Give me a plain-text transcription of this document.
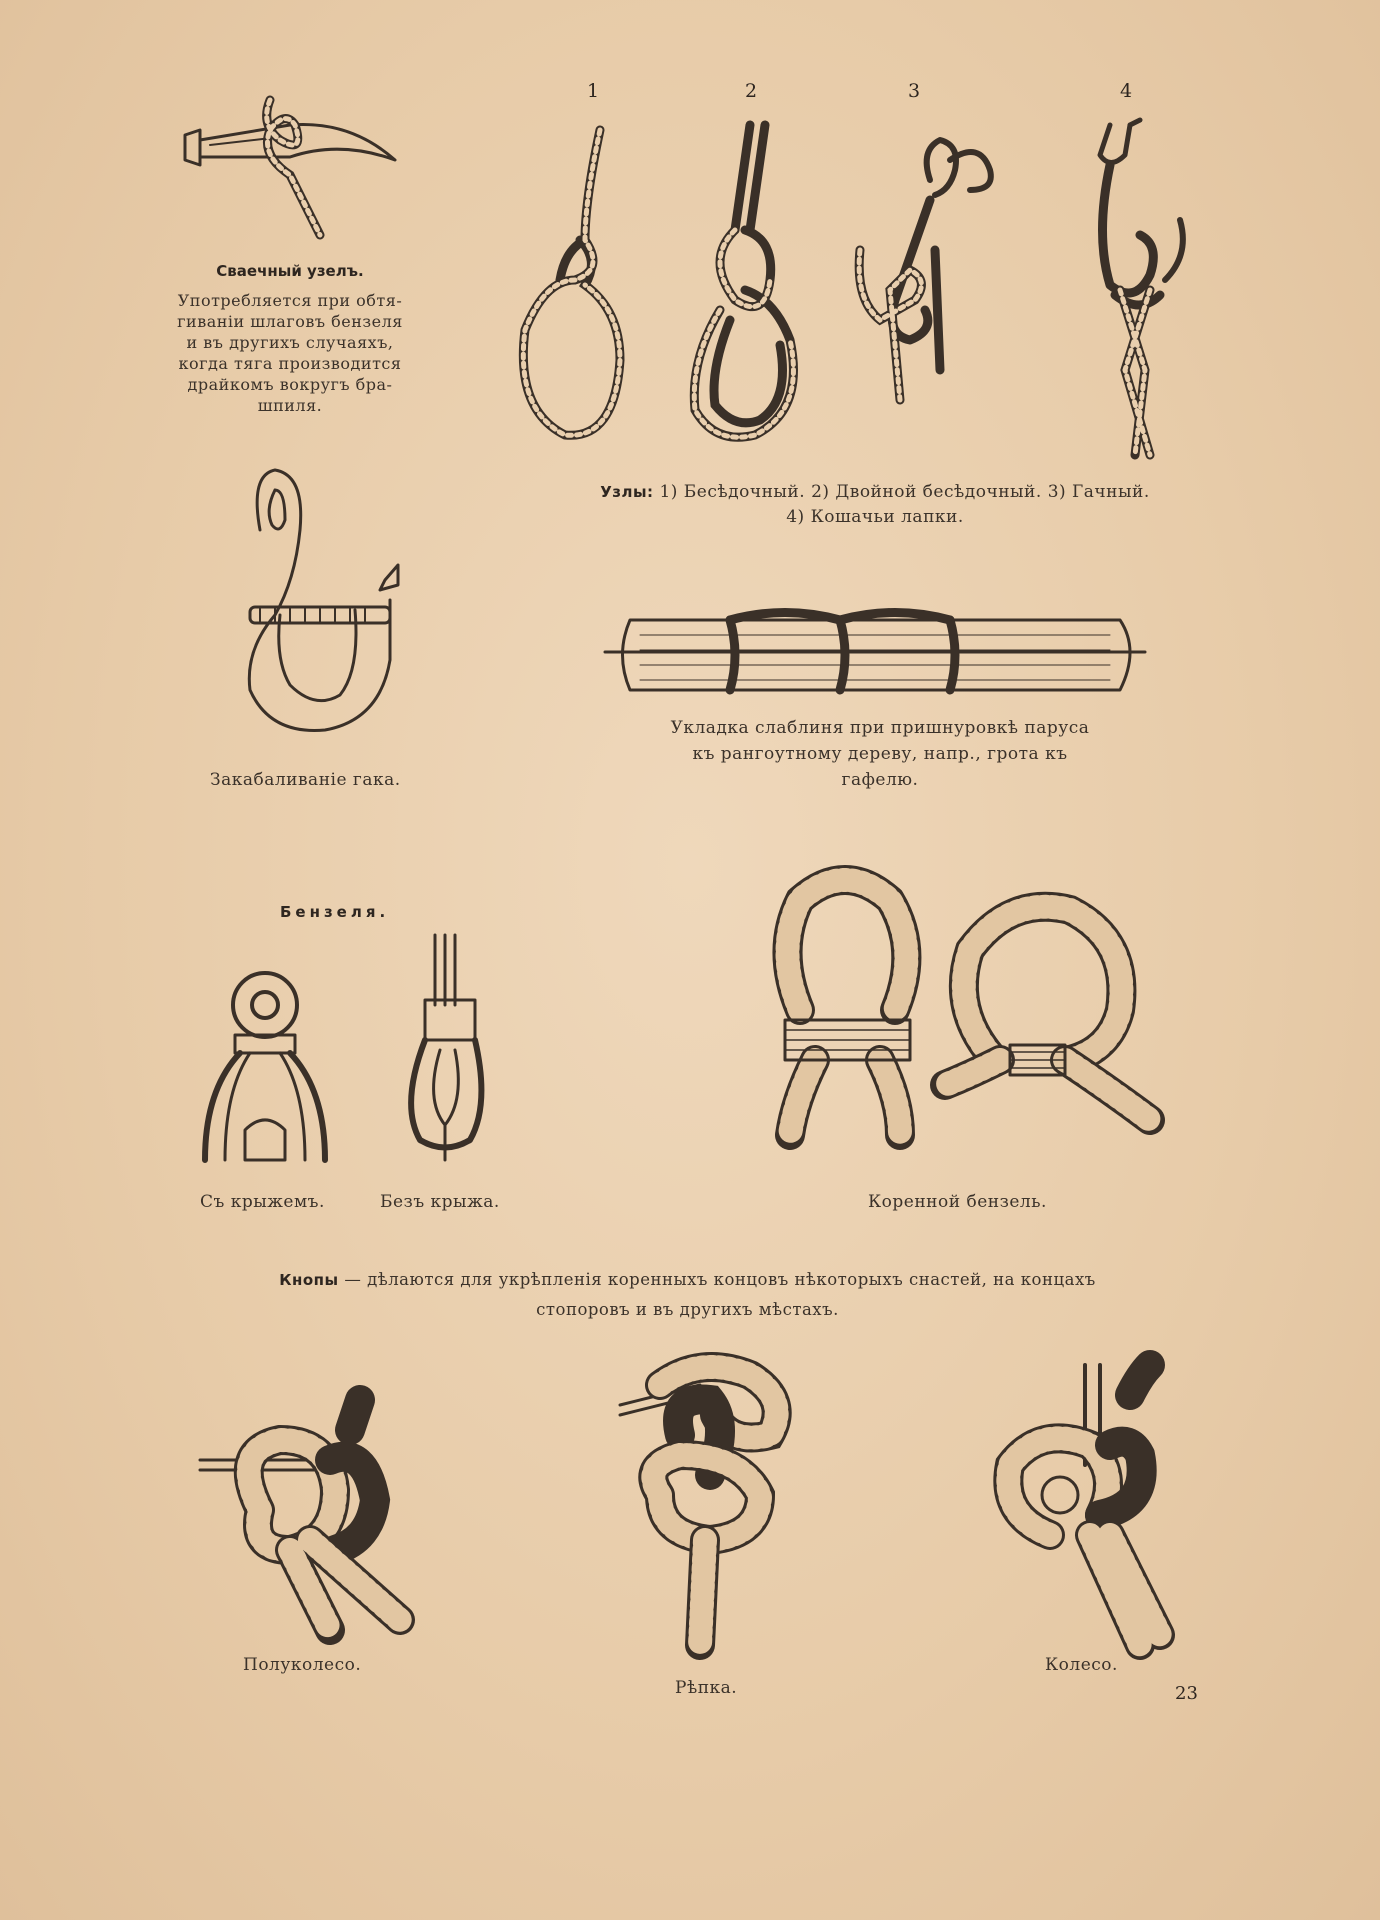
1	2	3	4
Сваечный узелъ.
Употребляется при обтя-
гиванiи шлаговъ бензеля
и въ другихъ случаяхъ,
когда тяга производится
драйкомъ вокругъ бра-
шпиля.
Узлы: 1) Бесѣдочный. 2) Двойной бесѣдочный. 3) Гачный.
4) Кошачьи лапки.
Закабаливанiе гака.
Укладка слаблиня при пришнуровкѣ паруса
къ рангоутному дереву, напр., грота къ
гафелю.
Бензеля.
Съ крыжемъ.	Безъ крыжа.	Коренной бензель.
Кнопы — дѣлаются для укрѣпленiя коренныхъ концовъ нѣкоторыхъ снастей, на концахъ
стопоровъ и въ другихъ мѣстахъ.
Полуколесо.
Рѣпка.
Колесо.
23
